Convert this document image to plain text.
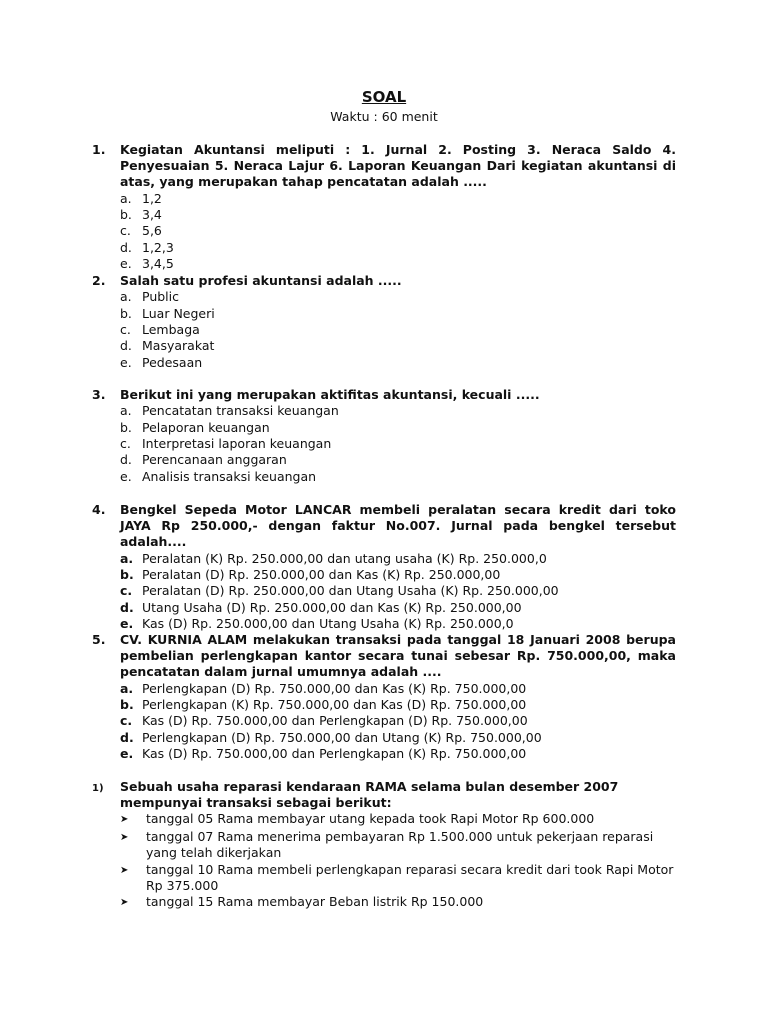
SOAL
Waktu : 60 menit
1.	Kegiatan Akuntansi meliputi : 1. Jurnal 2. Posting 3. Neraca Saldo 4. Penyesuaian 5. Neraca Lajur 6. Laporan Keuangan Dari kegiatan akuntansi di atas, yang merupakan tahap pencatatan adalah .....
a. 1,2
b. 3,4
c. 5,6
d. 1,2,3
e. 3,4,5
2.	Salah satu profesi akuntansi adalah .....
a. Public
b. Luar Negeri
c. Lembaga
d. Masyarakat
e. Pedesaan
3.	Berikut ini yang merupakan aktifitas akuntansi, kecuali .....
a. Pencatatan transaksi keuangan
b. Pelaporan keuangan
c. Interpretasi laporan keuangan
d. Perencanaan anggaran
e. Analisis transaksi keuangan
4.	Bengkel Sepeda Motor LANCAR membeli peralatan secara kredit dari toko JAYA Rp 250.000,- dengan faktur No.007. Jurnal pada bengkel tersebut adalah....
a. Peralatan (K) Rp. 250.000,00 dan utang usaha (K) Rp. 250.000,0
b. Peralatan (D) Rp. 250.000,00 dan Kas (K) Rp. 250.000,00
c. Peralatan (D) Rp. 250.000,00 dan Utang Usaha (K) Rp. 250.000,00
d. Utang Usaha (D) Rp. 250.000,00 dan Kas (K) Rp. 250.000,00
e. Kas (D) Rp. 250.000,00 dan Utang Usaha (K) Rp. 250.000,0
5.	CV. KURNIA ALAM melakukan transaksi pada tanggal 18 Januari 2008 berupa pembelian perlengkapan kantor secara tunai sebesar Rp. 750.000,00, maka pencatatan dalam jurnal umumnya adalah ....
a. Perlengkapan (D) Rp. 750.000,00 dan Kas (K) Rp. 750.000,00
b. Perlengkapan (K) Rp. 750.000,00 dan Kas (D) Rp. 750.000,00
c. Kas (D) Rp. 750.000,00 dan Perlengkapan (D) Rp. 750.000,00
d. Perlengkapan (D) Rp. 750.000,00 dan Utang (K) Rp. 750.000,00
e. Kas (D) Rp. 750.000,00 dan Perlengkapan (K) Rp. 750.000,00
1)	Sebuah usaha reparasi kendaraan RAMA selama bulan desember 2007 mempunyai transaksi sebagai berikut:
➤	tanggal 05 Rama membayar utang kepada took Rapi Motor Rp 600.000
➤	tanggal 07 Rama menerima pembayaran Rp 1.500.000 untuk pekerjaan reparasi yang telah dikerjakan
➤	tanggal 10 Rama membeli perlengkapan reparasi secara kredit dari took Rapi Motor Rp 375.000
➤	tanggal 15 Rama membayar Beban listrik Rp 150.000
